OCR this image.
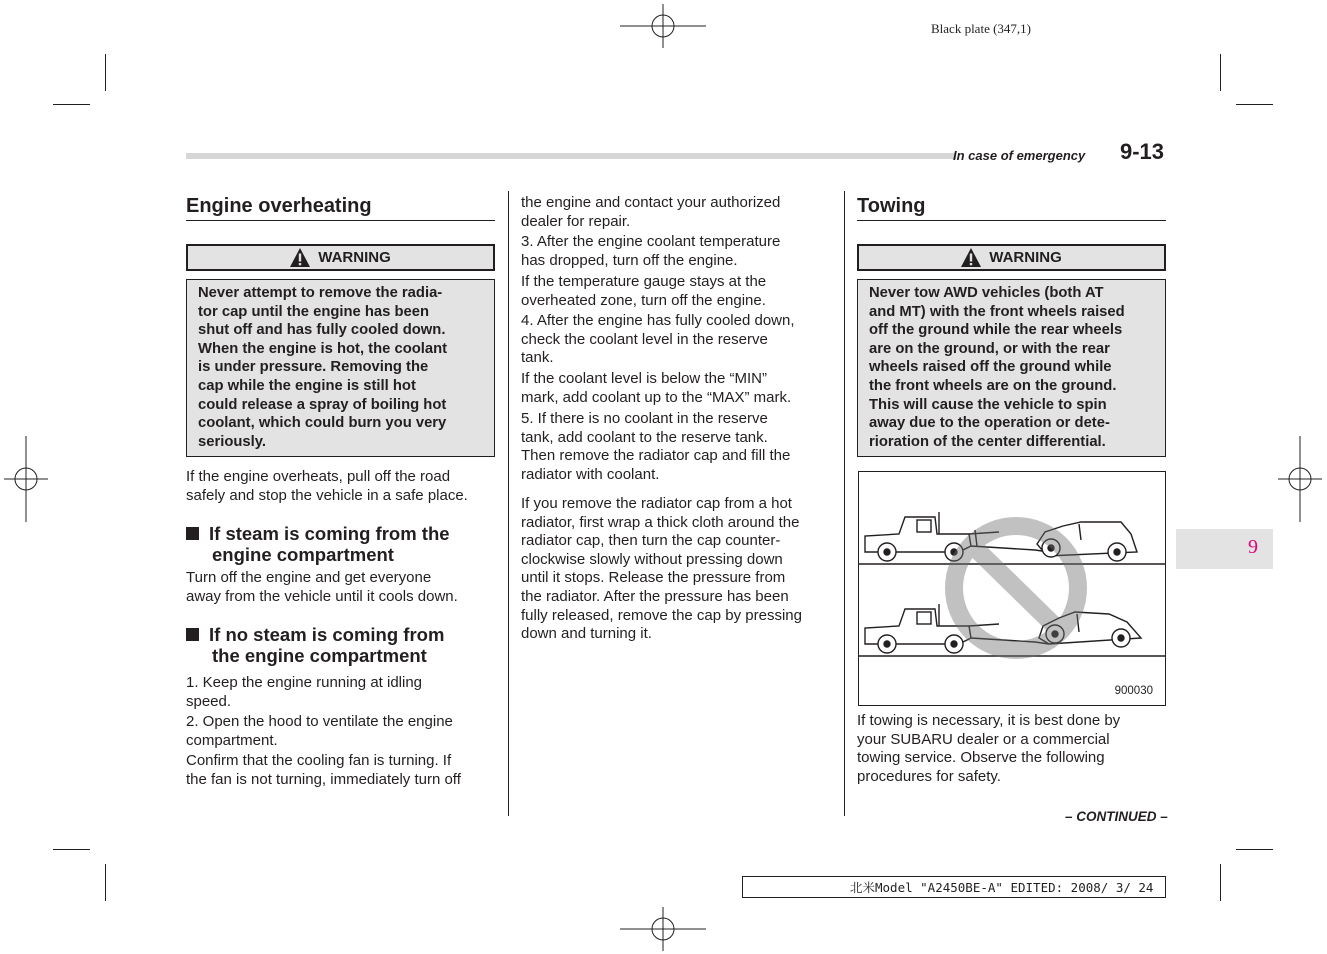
Black plate (347,1)
In case of emergency 9-13
9
Engine overheating
WARNING
Never attempt to remove the radia-
tor cap until the engine has been
shut off and has fully cooled down.
When the engine is hot, the coolant
is under pressure. Removing the
cap while the engine is still hot
could release a spray of boiling hot
coolant, which could burn you very
seriously.
If the engine overheats, pull off the road
safely and stop the vehicle in a safe place.
If steam is coming from the
engine compartment
Turn off the engine and get everyone
away from the vehicle until it cools down.
If no steam is coming from
the engine compartment
1. Keep the engine running at idling
speed.
2. Open the hood to ventilate the engine
compartment.
Confirm that the cooling fan is turning. If
the fan is not turning, immediately turn off
the engine and contact your authorized
dealer for repair.
3. After the engine coolant temperature
has dropped, turn off the engine.
If the temperature gauge stays at the
overheated zone, turn off the engine.
4. After the engine has fully cooled down,
check the coolant level in the reserve
tank.
If the coolant level is below the “MIN”
mark, add coolant up to the “MAX” mark.
5. If there is no coolant in the reserve
tank, add coolant to the reserve tank.
Then remove the radiator cap and fill the
radiator with coolant.
If you remove the radiator cap from a hot
radiator, first wrap a thick cloth around the
radiator cap, then turn the cap counter-
clockwise slowly without pressing down
until it stops. Release the pressure from
the radiator. After the pressure has been
fully released, remove the cap by pressing
down and turning it.
Towing
WARNING
Never tow AWD vehicles (both AT
and MT) with the front wheels raised
off the ground while the rear wheels
are on the ground, or with the rear
wheels raised off the ground while
the front wheels are on the ground.
This will cause the vehicle to spin
away due to the operation or dete-
rioration of the center differential.
900030
If towing is necessary, it is best done by
your SUBARU dealer or a commercial
towing service. Observe the following
procedures for safety.
– CONTINUED –
北米Model "A2450BE-A" EDITED: 2008/ 3/ 24
